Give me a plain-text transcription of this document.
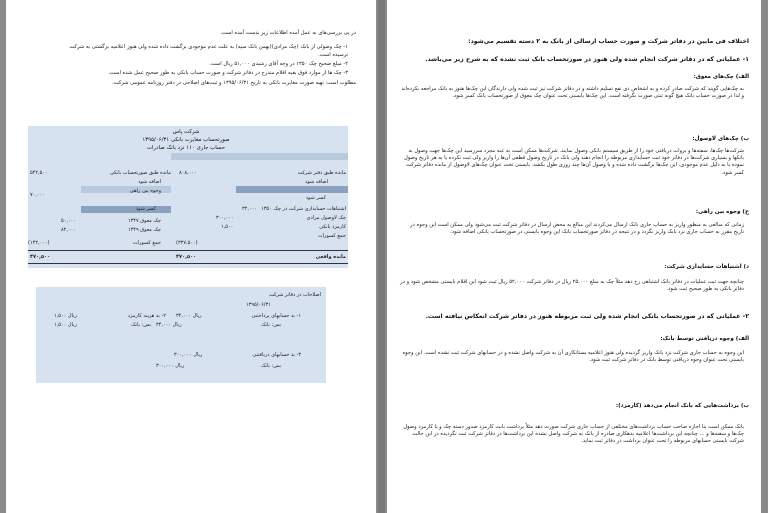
در پی بررسی‌های به عمل آمده اطلاعات زیر بدست آمده است.
۱- چک وصولی از بانک (چک مرادی)(بهمن بانک سپه) به علت عدم موجودی برگشت داده شده ولی هنوز اعلامیه برگشتی به شرکت
ترسیده است.
۲- مبلغ صحیح چک ۱۳۵۰ در وجه آقای رشیدی ۵۱,۰۰۰ ریال است.
۳- چک ها از موارد فوق بقیه اقلام مندرج در دفاتر شرکت و صورت حساب بانکی به طور صحیح عمل شده است.
مطلوب است: تهیه صورت مغایرت بانکی به تاریخ ۱۳۹۵/۰۶/۳۱ و ثبت‌های اصلاحی در دفتر روزنامه عمومی شرکت.
شرکت پاس
صورتحساب مغایرت بانکی ۱۳۹۵/۰۶/۳۱
حساب جاری ۱۱۰ نزد بانک صادرات
مانده طبق دفتر شرکت
۸۰۸,۰۰۰
اضافه شود
کسر شود
اشتباهات حسابداری شرکت در چک ۱۳۵۰
۳۴,۰۰۰
چک لاوصول مرادی
۳۰۰,۰۰۰
کارمزد بانکی
۱,۵۰۰
جمع کسورات
(۳۳۷,۵۰۰)
مانده طبق صورتحساب بانکی
۵۴۲,۵۰۰
اضافه شود
وجوه بین راهی
۷۰,۰۰۰
کسر شود
چک معوق ۱۳۴۷
۵۰,۰۰۰
چک معوق ۱۳۴۹
۸۲,۰۰۰
جمع کسورات
(۱۳۲,۰۰۰)
مانده واقعی
۴۷۰,۵۰۰
۴۷۰,۵۰۰
اصلاحات در دفاتر شرکت
۱۳۹۵/۰۶/۳۱
۱- بد حسابهای پرداختنی
۳۴,۰۰۰ ریال
بس: بانک
۳۴,۰۰۰ ریال
۲- بد هزینه کارمزد
۱,۵۰۰ ریال
بس: بانک
۱,۵۰۰ ریال
۳- بد حسابهای دریافتنی
۳۰۰,۰۰۰ ریال
بس: بانک
۳۰۰,۰۰۰ ریال
اختلاف فی مابین در دفاتر شرکت و صورت حساب ارسالی از بانک به ۲ دسته تقسیم می‌شود:
۱- عملیاتی که در دفاتر شرکت انجام شده ولی هنوز در صورتحساب بانک ثبت نشده که به شرح زیر می‌باشد.
الف) چک‌های معوق:
به چک‌هایی گویند که شرکت صادر کرده و به اشخاص ذی نفع تسلیم داشته و در دفاتر شرکت نیز ثبت شده ولی دارندگان این چک‌ها هنوز به بانک مراجعه نکرده‌اند و لذا در صورت حساب بانک هیچ گونه ثبتی صورت نگرفته است. این چک‌ها بایستی تحت عنوان چک معوق از صورتحساب بانک کسر شود.
ب) چک‌های لاوصول:
شرکت‌ها چک‌ها، سفته‌ها و بروات دریافتی خود را از طریق سیستم بانکی وصول نمایند. شرکت‌ها ممکن است به عنه مجرد سررسید این چک‌ها جهت وصول به بانکها و بسیاری شرکت‌ها در دفاتر خود ثبت حسابداری مربوطه را انجام دهند ولی بانک در تاریخ وصول قطعی آن‌ها را واریز ولی ثبت نکرده یا به هر تاریخ وصول نموده یا به دلیل عدم موجودی، این چک‌ها برگشت داده شده و یا وصول آن‌ها چند روزی طول بکشد. بایستی تحت عنوان چک‌های لاوصول از مانده دفاتر شرکت کسر شود.
ج) وجوه بین راهی:
زمانی که مبالغی به منظور واریز به حساب جاری بانک ارسال می‌کردند این مبالغ به محض ارسال در دفاتر شرکت ثبت می‌شود ولی ممکن است این وجوه در تاریخ مقرر به حساب جاری نزد بانک واریز نگردد و در نتیجه در دفاتر صورتحساب بانک این وجوه بایستی در صورتحساب بانکی اضافه شود.
د) اشتباهات حسابداری شرکت:
چنانچه جهت ثبت عملیات در دفاتر بانک اشتباهی رخ دهد مثلاً چک به مبلغ ۲۵,۰۰۰ ریال در دفاتر شرکت ۵۲,۰۰۰ ریال ثبت شود این اقلام بایستی مشخص شود و در دفاتر بانکی به طور صحیح ثبت شود.
۲- عملیاتی که در صورتحساب بانکی انجام شده ولی ثبت مربوطه هنوز در دفاتر شرکت انعکاس نیافته است.
الف) وجوه دریافتی توسط بانک:
این وجوه به حساب جاری شرکت نزد بانک واریز گردیده ولی هنوز اعلامیه بستانکاری آن به شرکت واصل نشده و در حسابهای شرکت ثبت نشده است. این وجوه بایستی تحت عنوان وجوه دریافتی توسط بانک در دفاتر شرکت ثبت شود.
ب) برداشت‌هایی که بانک انجام می‌دهد (کارمزد):
بانک ممکن است بنا اجازه صاحب حساب برداشت‌های مختلفی از حساب جاری شرکت صورت دهد مثلاً برداشت بابت کارمزد صدور دسته چک و یا کارمزد وصول چک‌ها و سفته‌ها و ... چنانچه این برداشت‌ها اعلامیه بدهکاری صادره از بانک به شرکت واصل نشده این برداشت‌ها در دفاتر شرکت ثبت نگردیده در این حالت شرکت بایستی حسابهای مربوطه را تحت عنوان برداشت در دفاتر ثبت نماید.
